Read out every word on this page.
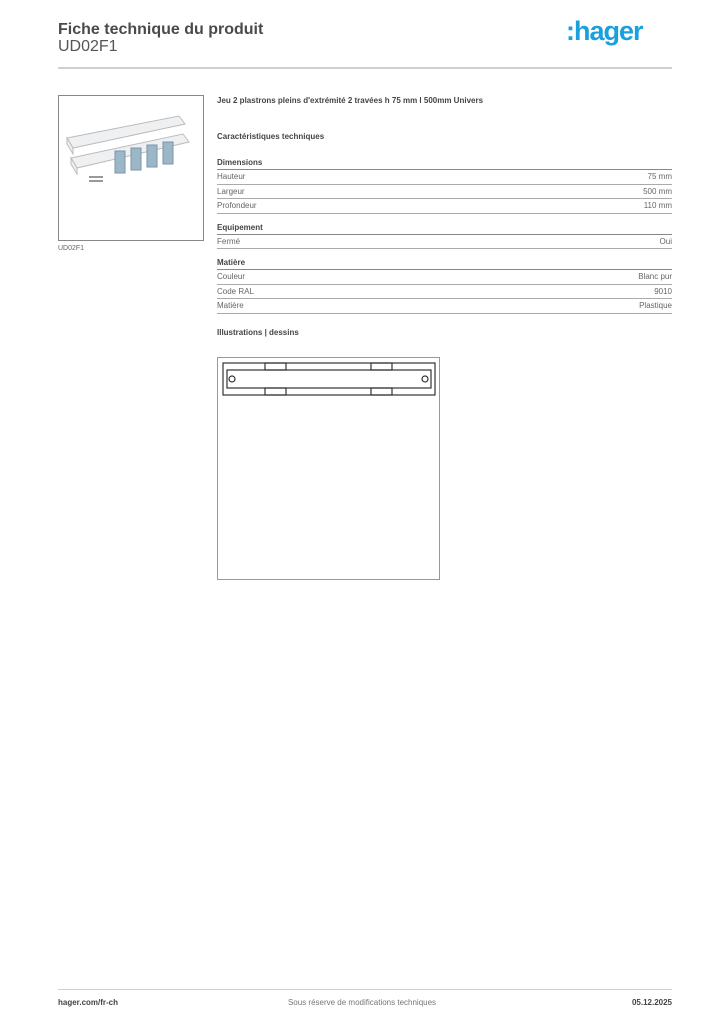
Fiche technique du produit
UD02F1
:hager
UD02F1
Jeu 2 plastrons pleins d'extrémité 2 travées h 75 mm l 500mm Univers
Caractéristiques techniques
Dimensions
Hauteur	75 mm
Largeur	500 mm
Profondeur	110 mm
Equipement
Fermé	Oui
Matière
Couleur	Blanc pur
Code RAL	9010
Matière	Plastique
Illustrations | dessins
hager.com/fr-ch	Sous réserve de modifications techniques	05.12.2025
